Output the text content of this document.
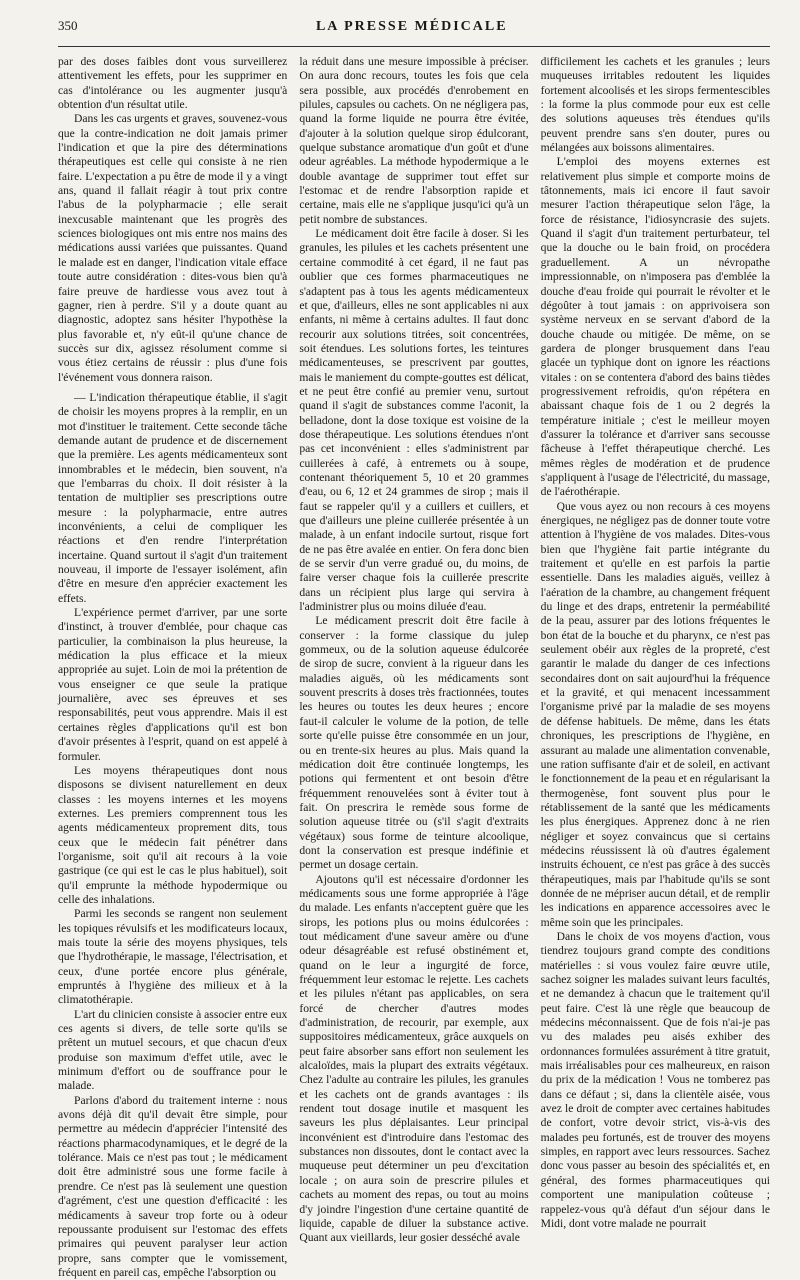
350	LA PRESSE MÉDICALE

par des doses faibles dont vous surveillerez attentivement les effets, pour les supprimer en cas d'intolérance ou les augmenter jusqu'à obtention d'un résultat utile.

Dans les cas urgents et graves, souvenez-vous que la contre-indication ne doit jamais primer l'indication et que la pire des déterminations thérapeutiques est celle qui consiste à ne rien faire. L'expectation a pu être de mode il y a vingt ans, quand il fallait réagir à tout prix contre l'abus de la polypharmacie ; elle serait inexcusable maintenant que les progrès des sciences biologiques ont mis entre nos mains des médications aussi variées que puissantes. Quand le malade est en danger, l'indication vitale efface toute autre considération : dites-vous bien qu'à faire preuve de hardiesse vous avez tout à gagner, rien à perdre. S'il y a doute quant au diagnostic, adoptez sans hésiter l'hypothèse la plus favorable et, n'y eût-il qu'une chance de succès sur dix, agissez résolument comme si vous étiez certains de réussir : plus d'une fois l'événement vous donnera raison.

— L'indication thérapeutique établie, il s'agit de choisir les moyens propres à la remplir, en un mot d'instituer le traitement. Cette seconde tâche demande autant de prudence et de discernement que la première. Les agents médicamenteux sont innombrables et le médecin, bien souvent, n'a que l'embarras du choix. Il doit résister à la tentation de multiplier ses prescriptions outre mesure : la polypharmacie, entre autres inconvénients, a celui de compliquer les réactions et d'en rendre l'interprétation incertaine. Quand surtout il s'agit d'un traitement nouveau, il importe de l'essayer isolément, afin d'être en mesure d'en apprécier exactement les effets.

L'expérience permet d'arriver, par une sorte d'instinct, à trouver d'emblée, pour chaque cas particulier, la combinaison la plus heureuse, la médication la plus efficace et la mieux appropriée au sujet. Loin de moi la prétention de vous enseigner ce que seule la pratique journalière, avec ses épreuves et ses responsabilités, peut vous apprendre. Mais il est certaines règles d'applications qu'il est bon d'avoir présentes à l'esprit, quand on est appelé à formuler.

Les moyens thérapeutiques dont nous disposons se divisent naturellement en deux classes : les moyens internes et les moyens externes. Les premiers comprennent tous les agents médicamenteux proprement dits, tous ceux que le médecin fait pénétrer dans l'organisme, soit qu'il ait recours à la voie gastrique (ce qui est le cas le plus habituel), soit qu'il emprunte la méthode hypodermique ou celle des inhalations.

Parmi les seconds se rangent non seulement les topiques révulsifs et les modificateurs locaux, mais toute la série des moyens physiques, tels que l'hydrothérapie, le massage, l'électrisation, et ceux, d'une portée encore plus générale, empruntés à l'hygiène des milieux et à la climatothérapie.

L'art du clinicien consiste à associer entre eux ces agents si divers, de telle sorte qu'ils se prêtent un mutuel secours, et que chacun d'eux produise son maximum d'effet utile, avec le minimum d'effort ou de souffrance pour le malade.

Parlons d'abord du traitement interne : nous avons déjà dit qu'il devait être simple, pour permettre au médecin d'apprécier l'intensité des réactions pharmacodynamiques, et le degré de la tolérance. Mais ce n'est pas tout ; le médicament doit être administré sous une forme facile à prendre. Ce n'est pas là seulement une question d'agrément, c'est une question d'efficacité : les médicaments à saveur trop forte ou à odeur repoussante produisent sur l'estomac des effets primaires qui peuvent paralyser leur action propre, sans compter que le vomissement, fréquent en pareil cas, empêche l'absorption ou

la réduit dans une mesure impossible à préciser. On aura donc recours, toutes les fois que cela sera possible, aux procédés d'enrobement en pilules, capsules ou cachets. On ne négligera pas, quand la forme liquide ne pourra être évitée, d'ajouter à la solution quelque sirop édulcorant, quelque substance aromatique d'un goût et d'une odeur agréables. La méthode hypodermique a le double avantage de supprimer tout effet sur l'estomac et de rendre l'absorption rapide et certaine, mais elle ne s'applique jusqu'ici qu'à un petit nombre de substances.

Le médicament doit être facile à doser. Si les granules, les pilules et les cachets présentent une certaine commodité à cet égard, il ne faut pas oublier que ces formes pharmaceutiques ne s'adaptent pas à tous les agents médicamenteux et que, d'ailleurs, elles ne sont applicables ni aux enfants, ni même à certains adultes. Il faut donc recourir aux solutions titrées, soit concentrées, soit étendues. Les solutions fortes, les teintures médicamenteuses, se prescrivent par gouttes, mais le maniement du compte-gouttes est délicat, et ne peut être confié au premier venu, surtout quand il s'agit de substances comme l'aconit, la belladone, dont la dose toxique est voisine de la dose thérapeutique. Les solutions étendues n'ont pas cet inconvénient : elles s'administrent par cuillerées à café, à entremets ou à soupe, contenant théoriquement 5, 10 et 20 grammes d'eau, ou 6, 12 et 24 grammes de sirop ; mais il faut se rappeler qu'il y a cuillers et cuillers, et que d'ailleurs une pleine cuillerée présentée à un malade, à un enfant indocile surtout, risque fort de ne pas être avalée en entier. On fera donc bien de se servir d'un verre gradué ou, du moins, de faire verser chaque fois la cuillerée prescrite dans un récipient plus large qui servira à l'administrer plus ou moins diluée d'eau.

Le médicament prescrit doit être facile à conserver : la forme classique du julep gommeux, ou de la solution aqueuse édulcorée de sirop de sucre, convient à la rigueur dans les maladies aiguës, où les médicaments sont souvent prescrits à doses très fractionnées, toutes les heures ou toutes les deux heures ; encore faut-il calculer le volume de la potion, de telle sorte qu'elle puisse être consommée en un jour, ou en trente-six heures au plus. Mais quand la médication doit être continuée longtemps, les potions qui fermentent et ont besoin d'être fréquemment renouvelées sont à éviter tout à fait. On prescrira le remède sous forme de solution aqueuse titrée ou (s'il s'agit d'extraits végétaux) sous forme de teinture alcoolique, dont la conservation est presque indéfinie et permet un dosage certain.

Ajoutons qu'il est nécessaire d'ordonner les médicaments sous une forme appropriée à l'âge du malade. Les enfants n'acceptent guère que les sirops, les potions plus ou moins édulcorées : tout médicament d'une saveur amère ou d'une odeur désagréable est refusé obstinément et, quand on le leur a ingurgité de force, fréquemment leur estomac le rejette. Les cachets et les pilules n'étant pas applicables, on sera forcé de chercher d'autres modes d'administration, de recourir, par exemple, aux suppositoires médicamenteux, grâce auxquels on peut faire absorber sans effort non seulement les alcaloïdes, mais la plupart des extraits végétaux. Chez l'adulte au contraire les pilules, les granules et les cachets ont de grands avantages : ils rendent tout dosage inutile et masquent les saveurs les plus déplaisantes. Leur principal inconvénient est d'introduire dans l'estomac des substances non dissoutes, dont le contact avec la muqueuse peut déterminer un peu d'excitation locale ; on aura soin de prescrire pilules et cachets au moment des repas, ou tout au moins d'y joindre l'ingestion d'une certaine quantité de liquide, capable de diluer la substance active. Quant aux vieillards, leur gosier desséché avale

difficilement les cachets et les granules ; leurs muqueuses irritables redoutent les liquides fortement alcoolisés et les sirops fermentescibles : la forme la plus commode pour eux est celle des solutions aqueuses très étendues qu'ils peuvent prendre sans s'en douter, pures ou mélangées aux boissons alimentaires.

L'emploi des moyens externes est relativement plus simple et comporte moins de tâtonnements, mais ici encore il faut savoir mesurer l'action thérapeutique selon l'âge, la force de résistance, l'idiosyncrasie des sujets. Quand il s'agit d'un traitement perturbateur, tel que la douche ou le bain froid, on procédera graduellement. A un névropathe impressionnable, on n'imposera pas d'emblée la douche d'eau froide qui pourrait le révolter et le dégoûter à tout jamais : on apprivoisera son système nerveux en se servant d'abord de la douche chaude ou mitigée. De même, on se gardera de plonger brusquement dans l'eau glacée un typhique dont on ignore les réactions vitales : on se contentera d'abord des bains tièdes progressivement refroidis, qu'on répétera en abaissant chaque fois de 1 ou 2 degrés la température initiale ; c'est le meilleur moyen d'assurer la tolérance et d'arriver sans secousse fâcheuse à l'effet thérapeutique cherché. Les mêmes règles de modération et de prudence s'appliquent à l'usage de l'électricité, du massage, de l'aérothérapie.

Que vous ayez ou non recours à ces moyens énergiques, ne négligez pas de donner toute votre attention à l'hygiène de vos malades. Dites-vous bien que l'hygiène fait partie intégrante du traitement et qu'elle en est parfois la partie essentielle. Dans les maladies aiguës, veillez à l'aération de la chambre, au changement fréquent du linge et des draps, entretenir la perméabilité de la peau, assurer par des lotions fréquentes le bon état de la bouche et du pharynx, ce n'est pas seulement obéir aux règles de la propreté, c'est garantir le malade du danger de ces infections secondaires dont on sait aujourd'hui la fréquence et la gravité, et qui menacent incessamment l'organisme privé par la maladie de ses moyens de défense habituels. De même, dans les états chroniques, les prescriptions de l'hygiène, en assurant au malade une alimentation convenable, une ration suffisante d'air et de soleil, en activant le fonctionnement de la peau et en régularisant la thermogenèse, font souvent plus pour le rétablissement de la santé que les médicaments les plus énergiques. Apprenez donc à ne rien négliger et soyez convaincus que si certains médecins réussissent là où d'autres également instruits échouent, ce n'est pas grâce à des succès thérapeutiques, mais par l'habitude qu'ils se sont donnée de ne mépriser aucun détail, et de remplir les indications en apparence accessoires avec le même soin que les principales.

Dans le choix de vos moyens d'action, vous tiendrez toujours grand compte des conditions matérielles : si vous voulez faire œuvre utile, sachez soigner les malades suivant leurs facultés, et ne demandez à chacun que le traitement qu'il peut faire. C'est là une règle que beaucoup de médecins méconnaissent. Que de fois n'ai-je pas vu des malades peu aisés exhiber des ordonnances formulées assurément à titre gratuit, mais irréalisables pour ces malheureux, en raison du prix de la médication ! Vous ne tomberez pas dans ce défaut ; si, dans la clientèle aisée, vous avez le droit de compter avec certaines habitudes de confort, votre devoir strict, vis-à-vis des malades peu fortunés, est de trouver des moyens simples, en rapport avec leurs ressources. Sachez donc vous passer au besoin des spécialités et, en général, des formes pharmaceutiques qui comportent une manipulation coûteuse ; rappelez-vous qu'à défaut d'un séjour dans le Midi, dont votre malade ne pourrait
